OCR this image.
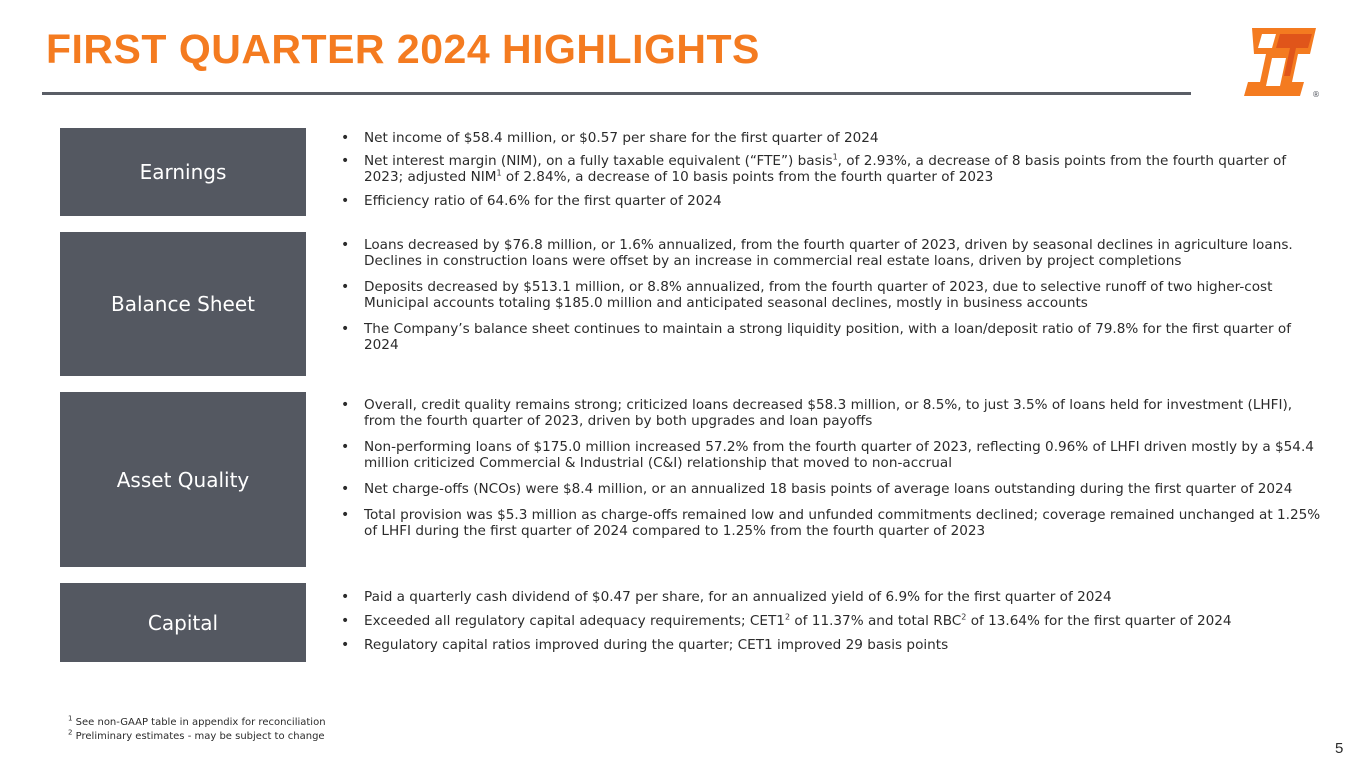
FIRST QUARTER 2024 HIGHLIGHTS
®
Earnings
• Net income of $58.4 million, or $0.57 per share for the first quarter of 2024
• Net interest margin (NIM), on a fully taxable equivalent (“FTE”) basis$^1$, of 2.93%, a decrease of 8 basis points from the fourth quarter of 2023; adjusted NIM$^1$ of 2.84%, a decrease of 10 basis points from the fourth quarter of 2023
• Efficiency ratio of 64.6% for the first quarter of 2024
Balance Sheet
• Loans decreased by $76.8 million, or 1.6% annualized, from the fourth quarter of 2023, driven by seasonal declines in agriculture loans. Declines in construction loans were offset by an increase in commercial real estate loans, driven by project completions
• Deposits decreased by $513.1 million, or 8.8% annualized, from the fourth quarter of 2023, due to selective runoff of two higher-cost Municipal accounts totaling $185.0 million and anticipated seasonal declines, mostly in business accounts
• The Company’s balance sheet continues to maintain a strong liquidity position, with a loan/deposit ratio of 79.8% for the first quarter of 2024
Asset Quality
• Overall, credit quality remains strong; criticized loans decreased $58.3 million, or 8.5%, to just 3.5% of loans held for investment (LHFI), from the fourth quarter of 2023, driven by both upgrades and loan payoffs
• Non-performing loans of $175.0 million increased 57.2% from the fourth quarter of 2023, reflecting 0.96% of LHFI driven mostly by a $54.4 million criticized Commercial & Industrial (C&I) relationship that moved to non-accrual
• Net charge-offs (NCOs) were $8.4 million, or an annualized 18 basis points of average loans outstanding during the first quarter of 2024
• Total provision was $5.3 million as charge-offs remained low and unfunded commitments declined; coverage remained unchanged at 1.25% of LHFI during the first quarter of 2024 compared to 1.25% from the fourth quarter of 2023
Capital
• Paid a quarterly cash dividend of $0.47 per share, for an annualized yield of 6.9% for the first quarter of 2024
• Exceeded all regulatory capital adequacy requirements; $CET1^2$ of 11.37% and total RBC$^2$ of 13.64% for the first quarter of 2024
• Regulatory capital ratios improved during the quarter; CET1 improved 29 basis points
$^1$ See non-GAAP table in appendix for reconciliation
$^2$ Preliminary estimates - may be subject to change
5
